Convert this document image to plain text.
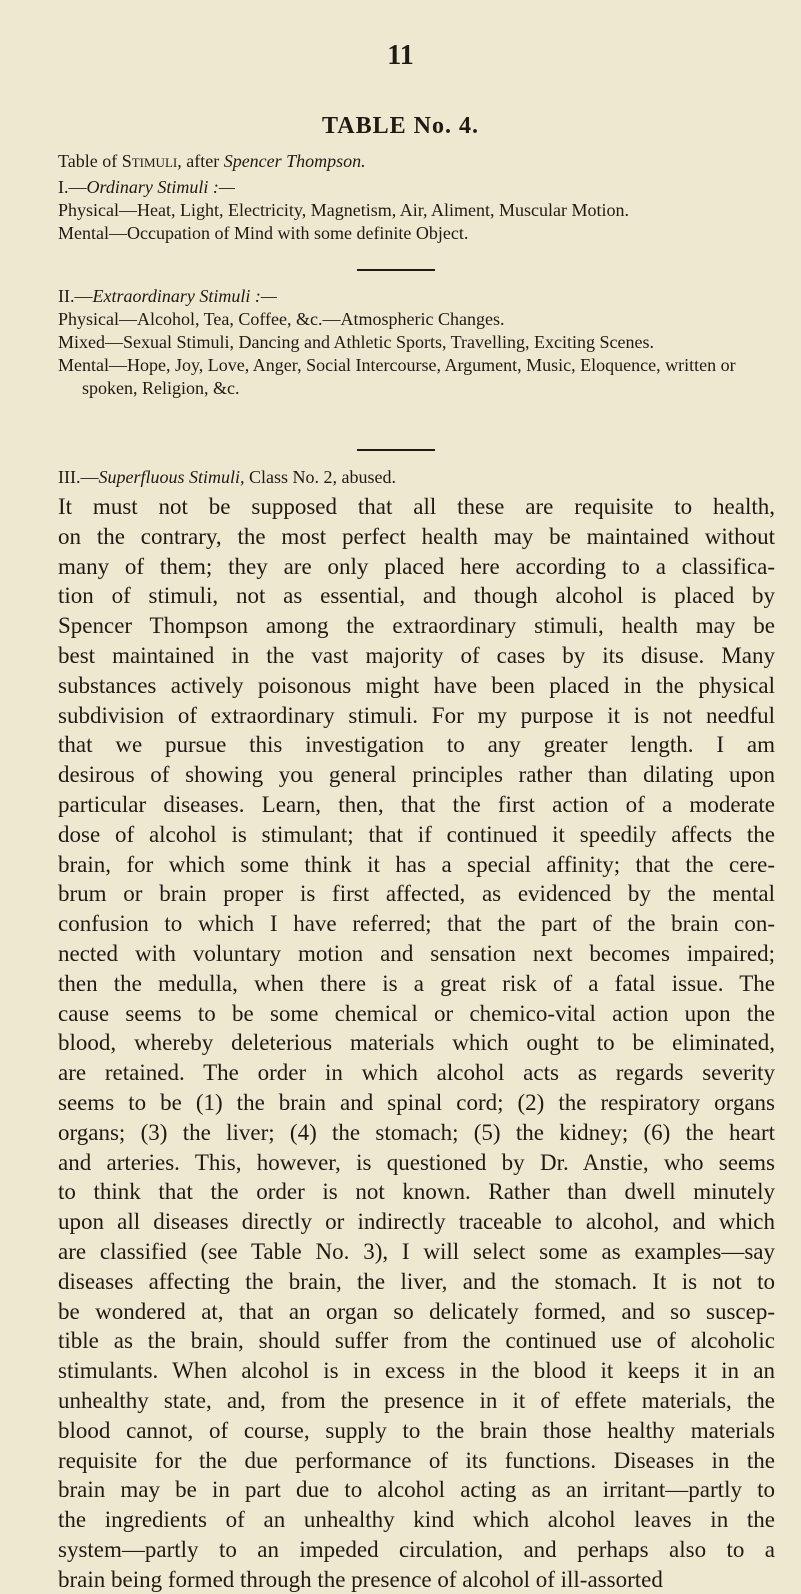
11
TABLE No. 4.

Table of Stimuli, after Spencer Thompson.

I.—Ordinary Stimuli :—

Physical—Heat, Light, Electricity, Magnetism, Air, Aliment, Muscular Motion.

Mental—Occupation of Mind with some definite Object.

II.—Extraordinary Stimuli :—

Physical—Alcohol, Tea, Coffee, &c.—Atmospheric Changes.

Mixed—Sexual Stimuli, Dancing and Athletic Sports, Travelling, Exciting Scenes.

Mental—Hope, Joy, Love, Anger, Social Intercourse, Argument, Music, Eloquence, written or spoken, Religion, &c.

III.—Superfluous Stimuli, Class No. 2, abused.

It must not be supposed that all these are requisite to health,
on the contrary, the most perfect health may be maintained without
many of them; they are only placed here according to a classifica-
tion of stimuli, not as essential, and though alcohol is placed by
Spencer Thompson among the extraordinary stimuli, health may be
best maintained in the vast majority of cases by its disuse. Many
substances actively poisonous might have been placed in the physical
subdivision of extraordinary stimuli. For my purpose it is not needful
that we pursue this investigation to any greater length. I am
desirous of showing you general principles rather than dilating upon
particular diseases. Learn, then, that the first action of a moderate
dose of alcohol is stimulant; that if continued it speedily affects the
brain, for which some think it has a special affinity; that the cere-
brum or brain proper is first affected, as evidenced by the mental
confusion to which I have referred; that the part of the brain con-
nected with voluntary motion and sensation next becomes impaired;
then the medulla, when there is a great risk of a fatal issue. The
cause seems to be some chemical or chemico-vital action upon the
blood, whereby deleterious materials which ought to be eliminated,
are retained. The order in which alcohol acts as regards severity
seems to be (1) the brain and spinal cord; (2) the respiratory organs
organs; (3) the liver; (4) the stomach; (5) the kidney; (6) the heart
and arteries. This, however, is questioned by Dr. Anstie, who seems
to think that the order is not known. Rather than dwell minutely
upon all diseases directly or indirectly traceable to alcohol, and which
are classified (see Table No. 3), I will select some as examples—say
diseases affecting the brain, the liver, and the stomach. It is not to
be wondered at, that an organ so delicately formed, and so suscep-
tible as the brain, should suffer from the continued use of alcoholic
stimulants. When alcohol is in excess in the blood it keeps it in an
unhealthy state, and, from the presence in it of effete materials, the
blood cannot, of course, supply to the brain those healthy materials
requisite for the due performance of its functions. Diseases in the
brain may be in part due to alcohol acting as an irritant—partly to
the ingredients of an unhealthy kind which alcohol leaves in the
system—partly to an impeded circulation, and perhaps also to a
brain being formed through the presence of alcohol of ill-assorted
